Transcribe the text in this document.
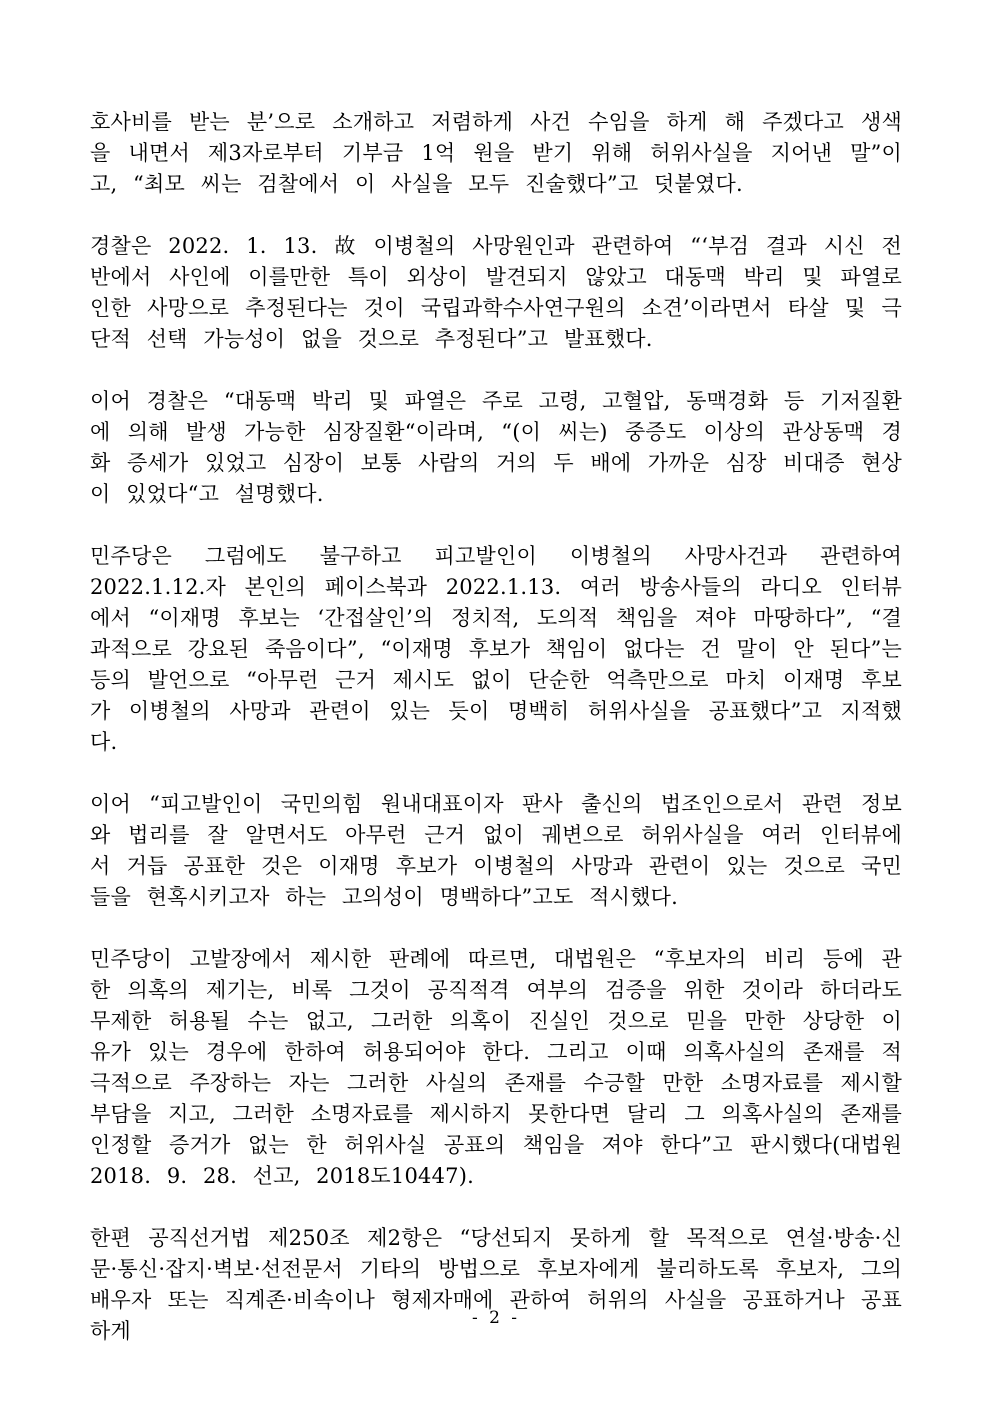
호사비를 받는 분’으로 소개하고 저렴하게 사건 수임을 하게 해 주겠다고 생색을 내면서 제3자로부터 기부금 1억 원을 받기 위해 허위사실을 지어낸 말”이고, “최모 씨는 검찰에서 이 사실을 모두 진술했다”고 덧붙였다.

경찰은 2022. 1. 13. 故 이병철의 사망원인과 관련하여 “‘부검 결과 시신 전반에서 사인에 이를만한 특이 외상이 발견되지 않았고 대동맥 박리 및 파열로 인한 사망으로 추정된다는 것이 국립과학수사연구원의 소견’이라면서 타살 및 극단적 선택 가능성이 없을 것으로 추정된다”고 발표했다.

이어 경찰은 “대동맥 박리 및 파열은 주로 고령, 고혈압, 동맥경화 등 기저질환에 의해 발생 가능한 심장질환“이라며, “(이 씨는) 중증도 이상의 관상동맥 경화 증세가 있었고 심장이 보통 사람의 거의 두 배에 가까운 심장 비대증 현상이 있었다“고 설명했다.

민주당은 그럼에도 불구하고 피고발인이 이병철의 사망사건과 관련하여 2022.1.12.자 본인의 페이스북과 2022.1.13. 여러 방송사들의 라디오 인터뷰에서 “이재명 후보는 ‘간접살인’의 정치적, 도의적 책임을 져야 마땅하다”, “결과적으로 강요된 죽음이다”, “이재명 후보가 책임이 없다는 건 말이 안 된다”는 등의 발언으로 “아무런 근거 제시도 없이 단순한 억측만으로 마치 이재명 후보가 이병철의 사망과 관련이 있는 듯이 명백히 허위사실을 공표했다”고 지적했다.

이어 “피고발인이 국민의힘 원내대표이자 판사 출신의 법조인으로서 관련 정보와 법리를 잘 알면서도 아무런 근거 없이 궤변으로 허위사실을 여러 인터뷰에서 거듭 공표한 것은 이재명 후보가 이병철의 사망과 관련이 있는 것으로 국민들을 현혹시키고자 하는 고의성이 명백하다”고도 적시했다.

민주당이 고발장에서 제시한 판례에 따르면, 대법원은 “후보자의 비리 등에 관한 의혹의 제기는, 비록 그것이 공직적격 여부의 검증을 위한 것이라 하더라도 무제한 허용될 수는 없고, 그러한 의혹이 진실인 것으로 믿을 만한 상당한 이유가 있는 경우에 한하여 허용되어야 한다. 그리고 이때 의혹사실의 존재를 적극적으로 주장하는 자는 그러한 사실의 존재를 수긍할 만한 소명자료를 제시할 부담을 지고, 그러한 소명자료를 제시하지 못한다면 달리 그 의혹사실의 존재를 인정할 증거가 없는 한 허위사실 공표의 책임을 져야 한다”고 판시했다(대법원 2018. 9. 28. 선고, 2018도10447).

한편 공직선거법 제250조 제2항은 “당선되지 못하게 할 목적으로 연설·방송·신문·통신·잡지·벽보·선전문서 기타의 방법으로 후보자에게 불리하도록 후보자, 그의 배우자 또는 직계존·비속이나 형제자매에 관하여 허위의 사실을 공표하거나 공표하게

- 2 -
